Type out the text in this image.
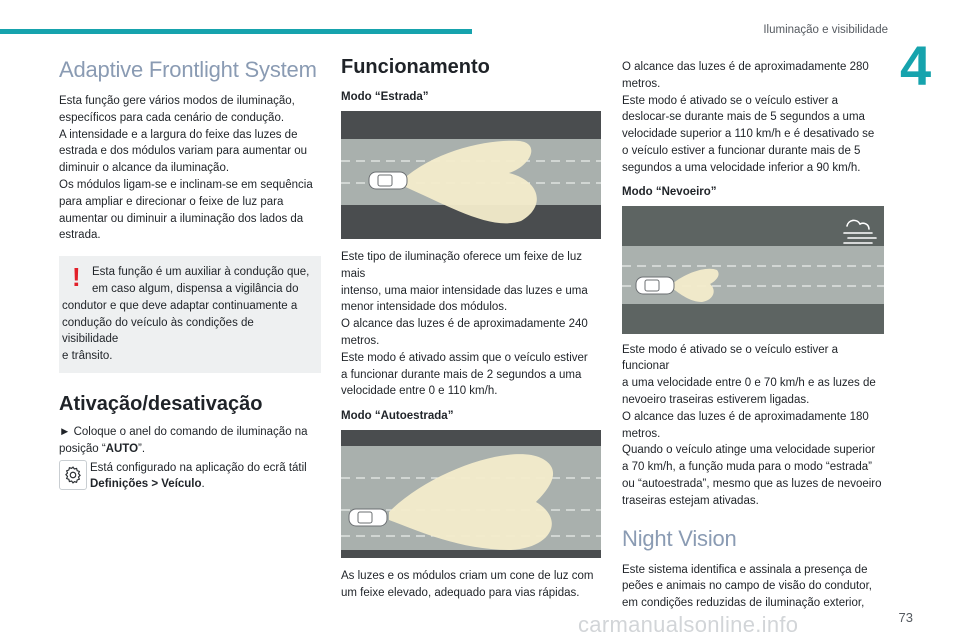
Iluminação e visibilidade
4
Adaptive Frontlight System

Esta função gere vários modos de iluminação,
específicos para cada cenário de condução.
A intensidade e a largura do feixe das luzes de
estrada e dos módulos variam para aumentar ou
diminuir o alcance da iluminação.
Os módulos ligam-se e inclinam-se em sequência
para ampliar e direcionar o feixe de luz para
aumentar ou diminuir a iluminação dos lados da
estrada.

! Esta função é um auxiliar à condução que,
em caso algum, dispensa a vigilância do
condutor e que deve adaptar continuamente a
condução do veículo às condições de visibilidade
e trânsito.
Ativação/desativação

► Coloque o anel do comando de iluminação na
posição “AUTO”.

Está configurado na aplicação do ecrã tátil
Definições > Veículo.
Funcionamento
Modo “Estrada”

Este tipo de iluminação oferece um feixe de luz mais
intenso, uma maior intensidade das luzes e uma
menor intensidade dos módulos.
O alcance das luzes é de aproximadamente 240
metros.
Este modo é ativado assim que o veículo estiver
a funcionar durante mais de 2 segundos a uma
velocidade entre 0 e 110 km/h.

Modo “Autoestrada”

As luzes e os módulos criam um cone de luz com
um feixe elevado, adequado para vias rápidas.

O alcance das luzes é de aproximadamente 280
metros.
Este modo é ativado se o veículo estiver a
deslocar-se durante mais de 5 segundos a uma
velocidade superior a 110 km/h e é desativado se
o veículo estiver a funcionar durante mais de 5
segundos a uma velocidade inferior a 90 km/h.

Modo “Nevoeiro”

Este modo é ativado se o veículo estiver a funcionar
a uma velocidade entre 0 e 70 km/h e as luzes de
nevoeiro traseiras estiverem ligadas.
O alcance das luzes é de aproximadamente 180
metros.
Quando o veículo atinge uma velocidade superior
a 70 km/h, a função muda para o modo “estrada”
ou “autoestrada”, mesmo que as luzes de nevoeiro
traseiras estejam ativadas.

Night Vision

Este sistema identifica e assinala a presença de
peões e animais no campo de visão do condutor,
em condições reduzidas de iluminação exterior,

carmanualsonline.info	73
